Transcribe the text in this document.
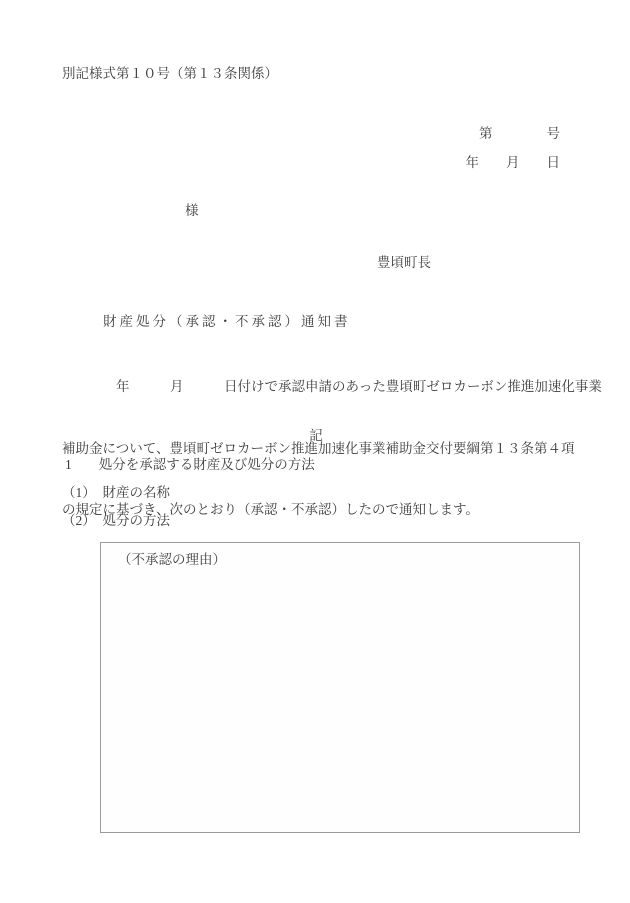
別記様式第１０号（第１３条関係）
第　　　　号
年　　月　　日
様
豊頃町長
財産処分（承認・不承認）通知書

　　　　年　　　月　　　日付けで承認申請のあった豊頃町ゼロカーボン推進加速化事業

補助金について、豊頃町ゼロカーボン推進加速化事業補助金交付要綱第１３条第４項

の規定に基づき、次のとおり（承認・不承認）したので通知します。

記
1　　処分を承認する財産及び処分の方法
（1）　財産の名称
（2）　処分の方法
（不承認の理由）
